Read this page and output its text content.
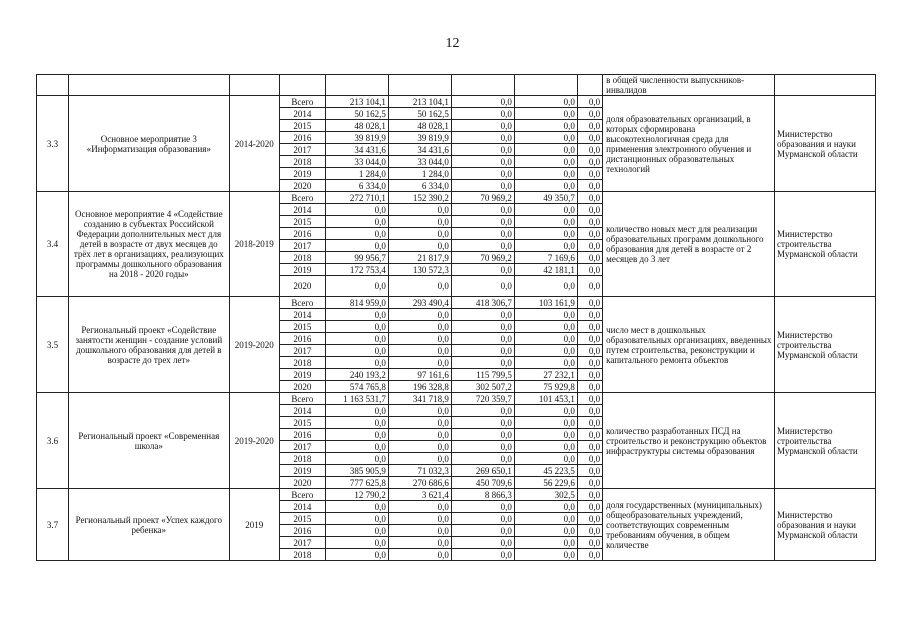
12
									в общей численности выпускников-инвалидов	
3.3	Основное мероприятие 3 «Информатизация образования»	2014-2020	Всего	213 104,1	213 104,1	0,0	0,0	0,0	доля образовательных организаций, в которых сформирована высокотехнологичная среда для применения электронного обучения и дистанционных образовательных технологий	Министерство образования и науки Мурманской области
			2014	50 162,5	50 162,5	0,0	0,0	0,0		
			2015	48 028,1	48 028,1	0,0	0,0	0,0		
			2016	39 819,9	39 819,9	0,0	0,0	0,0		
			2017	34 431,6	34 431,6	0,0	0,0	0,0		
			2018	33 044,0	33 044,0	0,0	0,0	0,0		
			2019	1 284,0	1 284,0	0,0	0,0	0,0		
			2020	6 334,0	6 334,0	0,0	0,0	0,0		
3.4	Основное мероприятие 4 «Содействие созданию в субъектах Российской Федерации дополнительных мест для детей в возрасте от двух месяцев до трёх лет в организациях, реализующих программы дошкольного образования на 2018 - 2020 годы»	2018-2019	Всего	272 710,1	152 390,2	70 969,2	49 350,7	0,0	количество новых мест для реализации образовательных программ дошкольного образования для детей в возрасте от 2 месяцев до 3 лет	Министерство строительства Мурманской области
			2014	0,0	0,0	0,0	0,0	0,0		
			2015	0,0	0,0	0,0	0,0	0,0		
			2016	0,0	0,0	0,0	0,0	0,0		
			2017	0,0	0,0	0,0	0,0	0,0		
			2018	99 956,7	21 817,9	70 969,2	7 169,6	0,0		
			2019	172 753,4	130 572,3	0,0	42 181,1	0,0		
			2020	0,0	0,0	0,0	0,0	0,0		
3.5	Региональный проект «Содействие занятости женщин - создание условий дошкольного образования для детей в возрасте до трех лет»	2019-2020	Всего	814 959,0	293 490,4	418 306,7	103 161,9	0,0	число мест в дошкольных образовательных организациях, введенных путем строительства, реконструкции и капитального ремонта объектов	Министерство строительства Мурманской области
			2014	0,0	0,0	0,0	0,0	0,0		
			2015	0,0	0,0	0,0	0,0	0,0		
			2016	0,0	0,0	0,0	0,0	0,0		
			2017	0,0	0,0	0,0	0,0	0,0		
			2018	0,0	0,0	0,0	0,0	0,0		
			2019	240 193,2	97 161,6	115 799,5	27 232,1	0,0		
			2020	574 765,8	196 328,8	302 507,2	75 929,8	0,0		
3.6	Региональный проект «Современная школа»	2019-2020	Всего	1 163 531,7	341 718,9	720 359,7	101 453,1	0,0	количество разработанных ПСД на строительство и реконструкцию объектов инфраструктуры системы образования	Министерство строительства Мурманской области
			2014	0,0	0,0	0,0	0,0	0,0		
			2015	0,0	0,0	0,0	0,0	0,0		
			2016	0,0	0,0	0,0	0,0	0,0		
			2017	0,0	0,0	0,0	0,0	0,0		
			2018	0,0	0,0	0,0	0,0	0,0		
			2019	385 905,9	71 032,3	269 650,1	45 223,5	0,0		
			2020	777 625,8	270 686,6	450 709,6	56 229,6	0,0		
3.7	Региональный проект «Успех каждого ребенка»	2019	Всего	12 790,2	3 621,4	8 866,3	302,5	0,0	доля государственных (муниципальных) общеобразовательных учреждений, соответствующих современным требованиям обучения, в общем количестве	Министерство образования и науки Мурманской области
			2014	0,0	0,0	0,0	0,0	0,0		
			2015	0,0	0,0	0,0	0,0	0,0		
			2016	0,0	0,0	0,0	0,0	0,0		
			2017	0,0	0,0	0,0	0,0	0,0		
			2018	0,0	0,0	0,0	0,0	0,0		
